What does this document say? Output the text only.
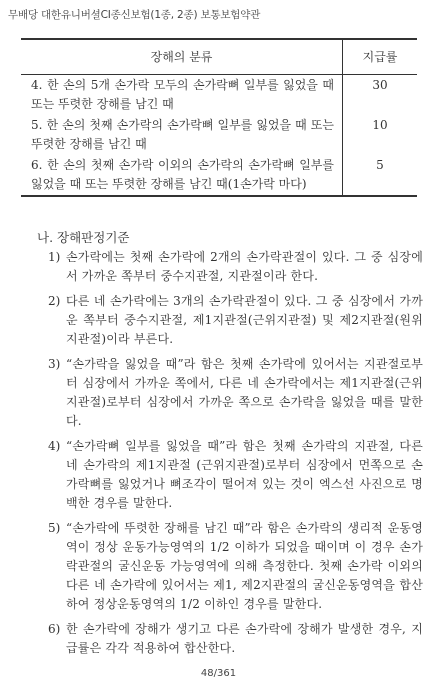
무배당 대한유니버셜CI종신보험(1종, 2종) 보통보험약관
장해의 분류	지급률
4. 한 손의 5개 손가락 모두의 손가락뼈 일부를 잃었을 때 또는 뚜렷한 장해를 남긴 때	30
5. 한 손의 첫째 손가락의 손가락뼈 일부를 잃었을 때 또는 뚜렷한 장해를 남긴 때	10
6. 한 손의 첫째 손가락 이외의 손가락의 손가락뼈 일부를 잃었을 때 또는 뚜렷한 장해를 남긴 때(1손가락 마다)	5
나. 장해판정기준
1) 손가락에는 첫째 손가락에 2개의 손가락관절이 있다. 그 중 심장에서 가까운 쪽부터 중수지관절, 지관절이라 한다.
2) 다른 네 손가락에는 3개의 손가락관절이 있다. 그 중 심장에서 가까운 쪽부터 중수지관절, 제1지관절(근위지관절) 및 제2지관절(원위지관절)이라 부른다.
3) “손가락을 잃었을 때”라 함은 첫째 손가락에 있어서는 지관절로부터 심장에서 가까운 쪽에서, 다른 네 손가락에서는 제1지관절(근위지관절)로부터 심장에서 가까운 쪽으로 손가락을 잃었을 때를 말한다.
4) “손가락뼈 일부를 잃었을 때”라 함은 첫째 손가락의 지관절, 다른 네 손가락의 제1지관절 (근위지관절)로부터 심장에서 먼쪽으로 손가락뼈를 잃었거나 뼈조각이 떨어져 있는 것이 엑스선 사진으로 명백한 경우를 말한다.
5) “손가락에 뚜렷한 장해를 남긴 때”라 함은 손가락의 생리적 운동영역이 정상 운동가능영역의 1/2 이하가 되었을 때이며 이 경우 손가락관절의 굴신운동 가능영역에 의해 측정한다. 첫째 손가락 이외의 다른 네 손가락에 있어서는 제1, 제2지관절의 굴신운동영역을 합산하여 정상운동영역의 1/2 이하인 경우를 말한다.
6) 한 손가락에 장해가 생기고 다른 손가락에 장해가 발생한 경우, 지급률은 각각 적용하여 합산한다.
48/361
